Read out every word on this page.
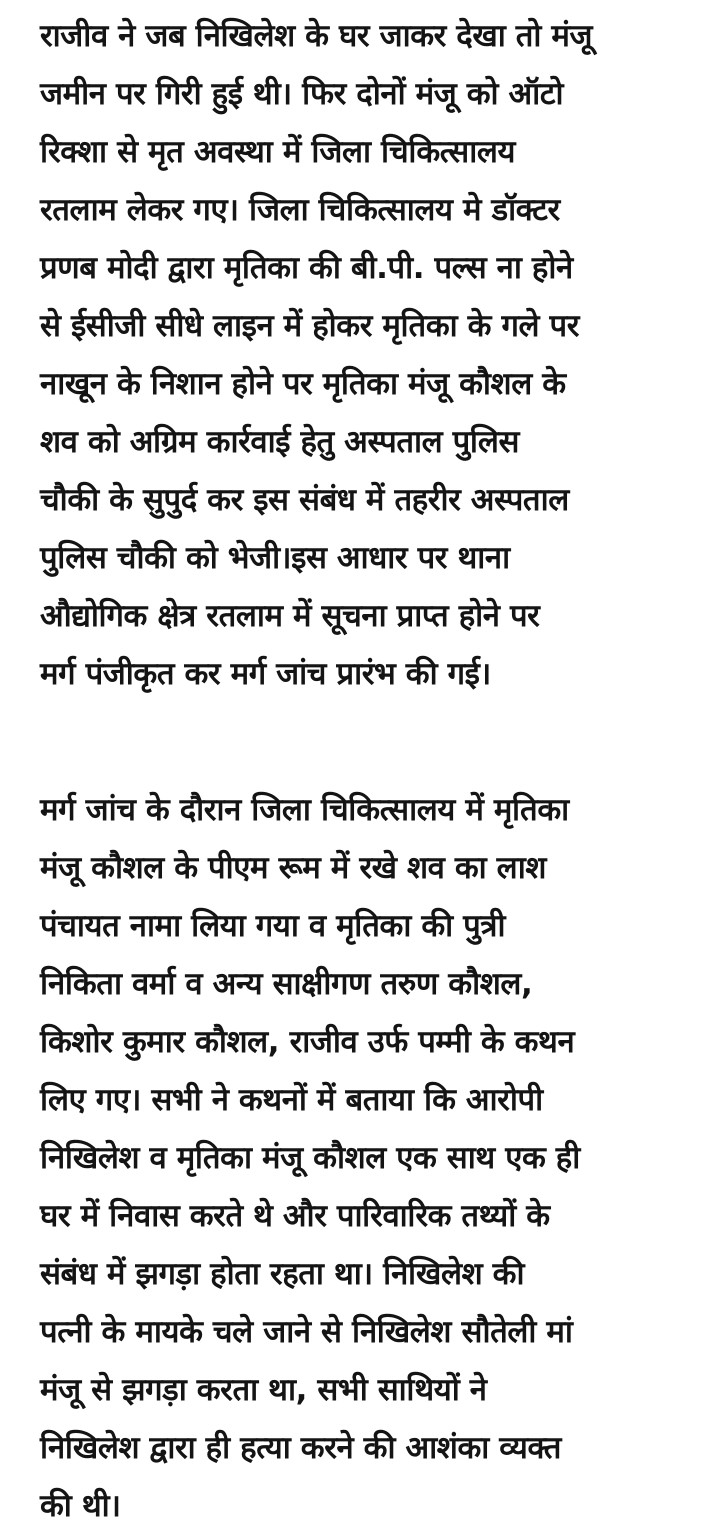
राजीव ने जब निखिलेश के घर जाकर देखा तो मंजू
जमीन पर गिरी हुई थी। फिर दोनों मंजू को ऑटो
रिक्शा से मृत अवस्था में जिला चिकित्सालय
रतलाम लेकर गए। जिला चिकित्सालय मे डॉक्टर
प्रणब मोदी द्वारा मृतिका की बी.पी. पल्स ना होने
से ईसीजी सीधे लाइन में होकर मृतिका के गले पर
नाखून के निशान होने पर मृतिका मंजू कौशल के
शव को अग्रिम कार्रवाई हेतु अस्पताल पुलिस
चौकी के सुपुर्द कर इस संबंध में तहरीर अस्पताल
पुलिस चौकी को भेजी।इस आधार पर थाना
औद्योगिक क्षेत्र रतलाम में सूचना प्राप्त होने पर
मर्ग पंजीकृत कर मर्ग जांच प्रारंभ की गई।
मर्ग जांच के दौरान जिला चिकित्सालय में मृतिका
मंजू कौशल के पीएम रूम में रखे शव का लाश
पंचायत नामा लिया गया व मृतिका की पुत्री
निकिता वर्मा व अन्य साक्षीगण तरुण कौशल,
किशोर कुमार कौशल, राजीव उर्फ पम्मी के कथन
लिए गए। सभी ने कथनों में बताया कि आरोपी
निखिलेश व मृतिका मंजू कौशल एक साथ एक ही
घर में निवास करते थे और पारिवारिक तथ्यों के
संबंध में झगड़ा होता रहता था। निखिलेश की
पत्नी के मायके चले जाने से निखिलेश सौतेली मां
मंजू से झगड़ा करता था, सभी साथियों ने
निखिलेश द्वारा ही हत्या करने की आशंका व्यक्त
की थी।
